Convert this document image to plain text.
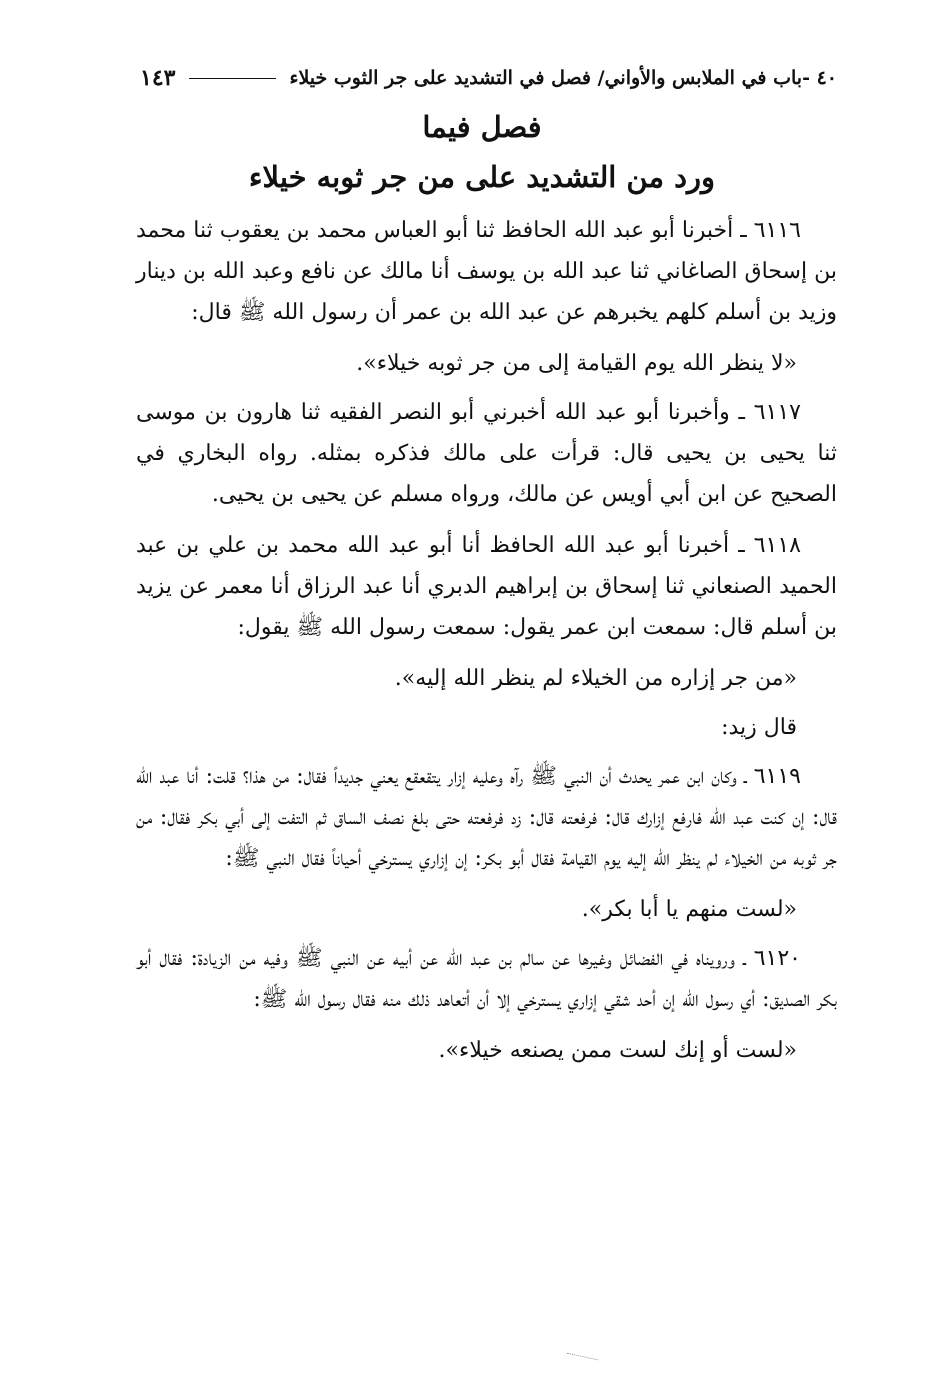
٤٠ -باب في الملابس والأواني/ فصل في التشديد على جر الثوب خيلاء
١٤٣
فصل فيما
ورد من التشديد على من جر ثوبه خيلاء

٦١١٦ ـ أخبرنا أبو عبد الله الحافظ ثنا أبو العباس محمد بن يعقوب ثنا محمد بن إسحاق الصاغاني ثنا عبد الله بن يوسف أنا مالك عن نافع وعبد الله بن دينار وزيد بن أسلم كلهم يخبرهم عن عبد الله بن عمر أن رسول الله ﷺ قال:

«لا ينظر الله يوم القيامة إلى من جر ثوبه خيلاء».

٦١١٧ ـ وأخبرنا أبو عبد الله أخبرني أبو النصر الفقيه ثنا هارون بن موسى ثنا يحيى بن يحيى قال: قرأت على مالك فذكره بمثله. رواه البخاري في الصحيح عن ابن أبي أويس عن مالك، ورواه مسلم عن يحيى بن يحيى.

٦١١٨ ـ أخبرنا أبو عبد الله الحافظ أنا أبو عبد الله محمد بن علي بن عبد الحميد الصنعاني ثنا إسحاق بن إبراهيم الدبري أنا عبد الرزاق أنا معمر عن يزيد بن أسلم قال: سمعت ابن عمر يقول: سمعت رسول الله ﷺ يقول:

«من جر إزاره من الخيلاء لم ينظر الله إليه».

قال زيد:

٦١١٩ ـ وكان ابن عمر يحدث أن النبي ﷺ رآه وعليه إزار يتقعقع يعني جديداً فقال: من هذا؟ قلت: أنا عبد الله قال: إن كنت عبد الله فارفع إزارك قال: فرفعته قال: زد فرفعته حتى بلغ نصف الساق ثم التفت إلى أبي بكر فقال: من جر ثوبه من الخيلاء لم ينظر الله إليه يوم القيامة فقال أبو بكر: إن إزاري يسترخي أحياناً فقال النبي ﷺ:

«لست منهم يا أبا بكر».

٦١٢٠ ـ ورويناه في الفضائل وغيرها عن سالم بن عبد الله عن أبيه عن النبي ﷺ وفيه من الزيادة: فقال أبو بكر الصديق: أي رسول الله إن أحد شقي إزاري يسترخي إلا أن أتعاهد ذلك منه فقال رسول الله ﷺ:

«لست أو إنك لست ممن يصنعه خيلاء».
